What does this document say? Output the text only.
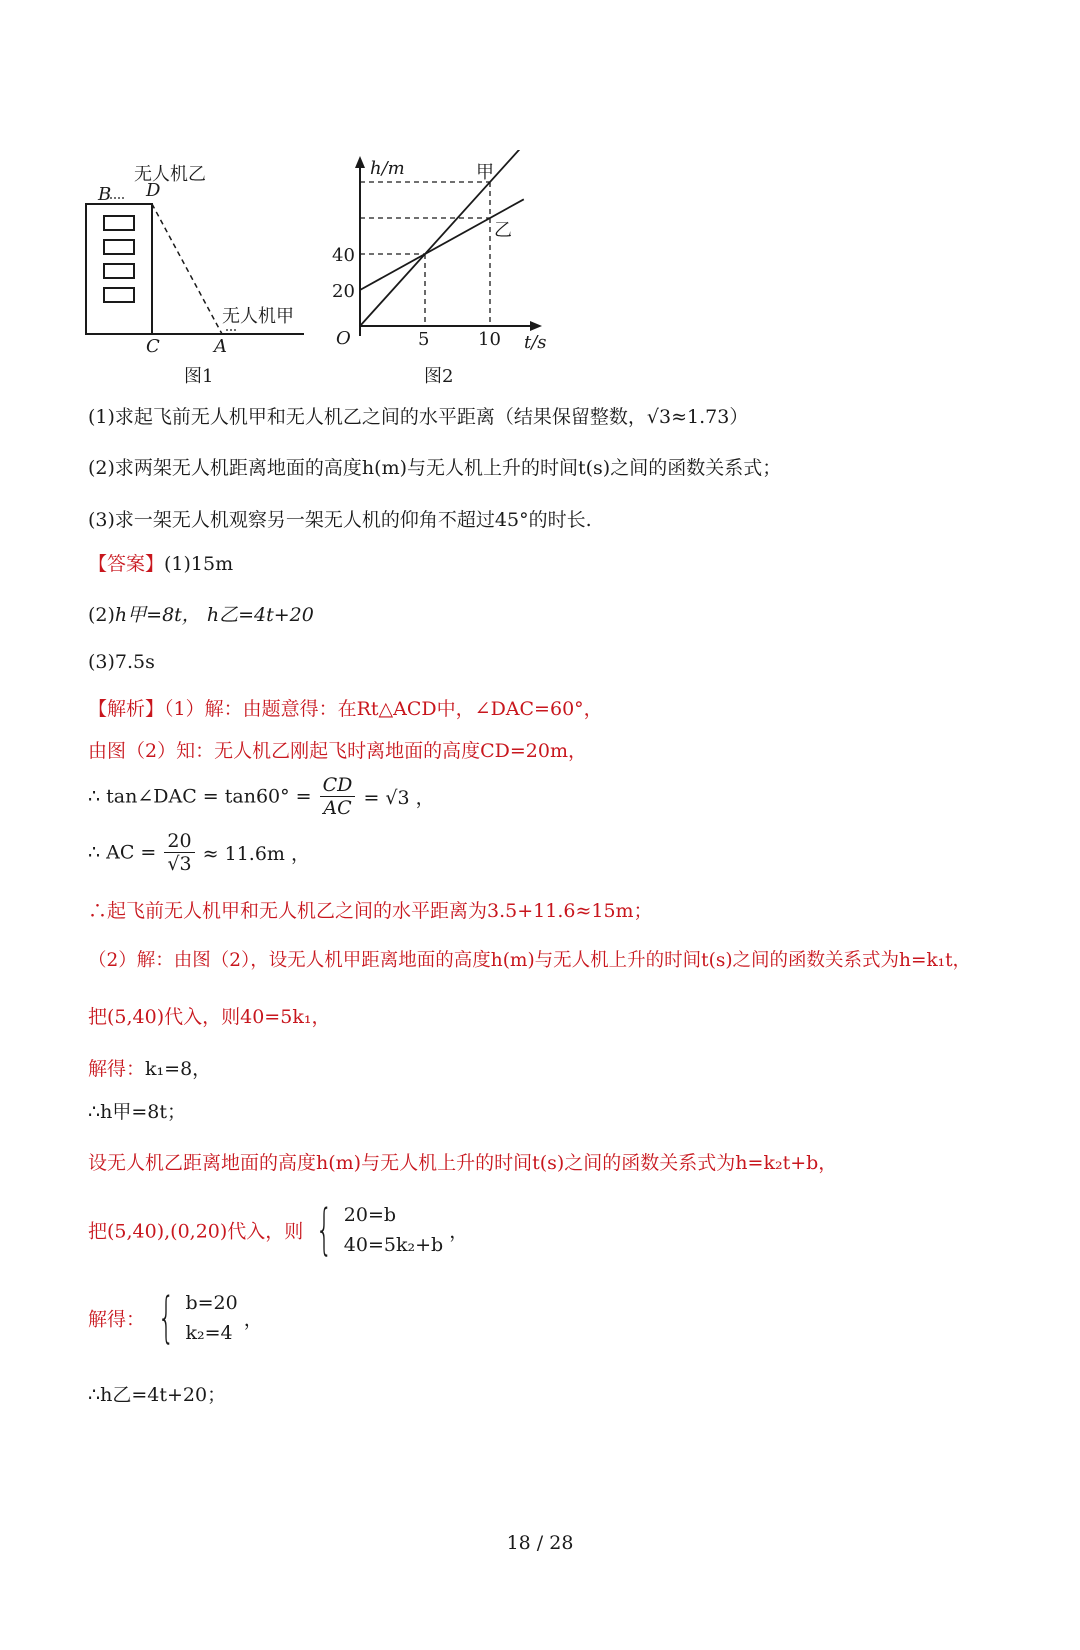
无人机乙
B D
无人机甲
C	A
图1
h/m
t/s
O
40
20
5	10
甲
乙
图2
(1)求起飞前无人机甲和无人机乙之间的水平距离（结果保留整数，√3≈1.73）
(2)求两架无人机距离地面的高度h(m)与无人机上升的时间t(s)之间的函数关系式；
(3)求一架无人机观察另一架无人机的仰角不超过45°的时长.
【答案】(1)15m
(2)h甲=8t， h乙=4t+20
(3)7.5s
【解析】（1）解：由题意得：在Rt△ACD中，∠DAC=60°，
由图（2）知：无人机乙刚起飞时离地面的高度CD=20m，
∴ tan∠DAC = $\tan 60^\circ = \frac{CD}{AC} = √3$ ，
∴ AC = $\frac{20}{√3} \approx 11.6m$ ，
∴起飞前无人机甲和无人机乙之间的水平距离为3.5+11.6≈15m；
（2）解：由图（2），设无人机甲距离地面的高度h(m)与无人机上升的时间t(s)之间的函数关系式为h=k₁t，
把(5,40)代入，则40=5k₁，
解得：k₁=8，
∴h甲=8t；
设无人机乙距离地面的高度h(m)与无人机上升的时间t(s)之间的函数关系式为h=k₂t+b，
把(5,40),(0,20)代入，则 { 20=b
40=5k₂+b ，
解得： { b=20
k₂=4 ，
∴h乙=4t+20；
18 / 28
